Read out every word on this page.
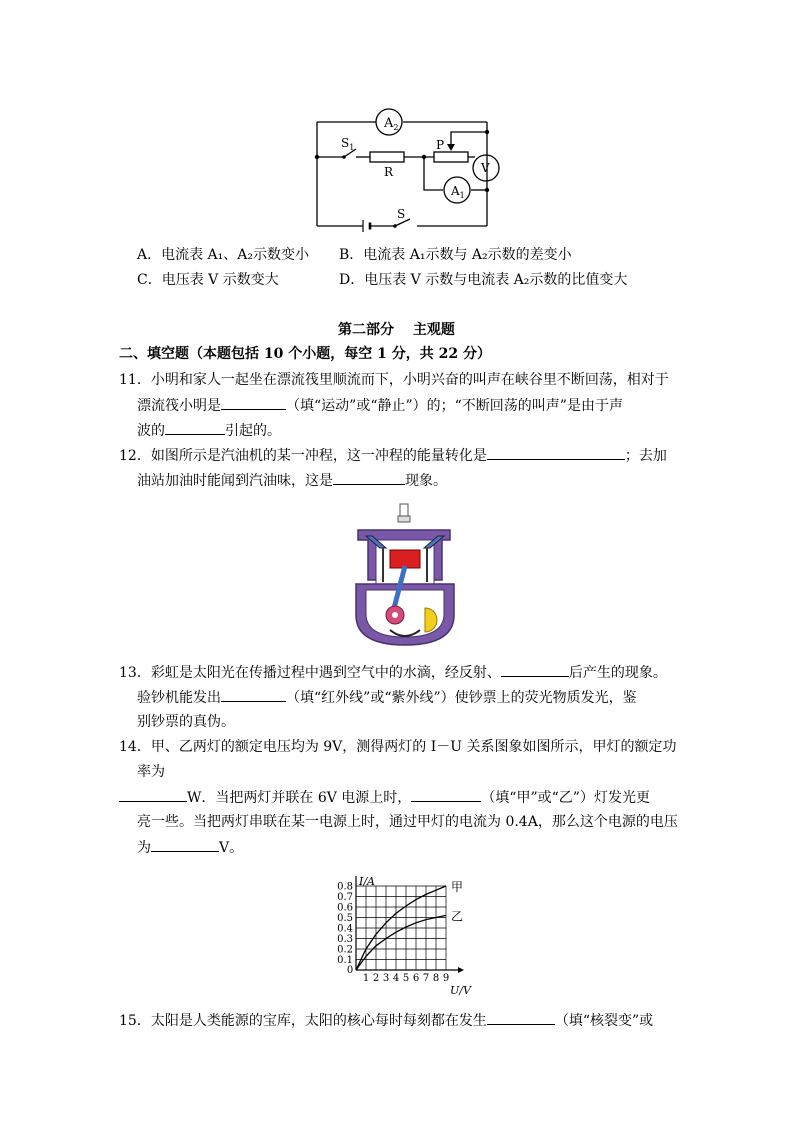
$A_2$
$S_1$	P
R	V
$A_1$
S
A．电流表 A₁、A₂示数变小 B．电流表 A₁示数与 A₂示数的差变小
C．电压表 V 示数变大	D．电压表 V 示数与电流表 A₂示数的比值变大
第二部分　 主观题
二、填空题（本题包括 10 个小题，每空 1 分，共 22 分）
11．小明和家人一起坐在漂流筏里顺流而下，小明兴奋的叫声在峡谷里不断回荡，相对于
漂流筏小明是	（填“运动”或“静止”）的；“不断回荡的叫声”是由于声
波的	引起的。
12．如图所示是汽油机的某一冲程，这一冲程的能量转化是	；去加
油站加油时能闻到汽油味，这是	现象。
13．彩虹是太阳光在传播过程中遇到空气中的水滴，经反射、	后产生的现象。
验钞机能发出	（填“红外线”或“紫外线”）使钞票上的荧光物质发光，鉴
别钞票的真伪。
14．甲、乙两灯的额定电压均为 9V，测得两灯的 I－U 关系图象如图所示，甲灯的额定功
率为
W．当把两灯并联在 6V 电源上时，	（填“甲”或“乙”）灯发光更
亮一些。当把两灯串联在某一电源上时，通过甲灯的电流为 0.4A，那么这个电源的电压
为	V。
1 2 3 4 5 6 7 8 9
0
0.1
0.2
0.3
0.4
0.5
0.6
0.7
0.8 I/A
U/V
甲
乙
15．太阳是人类能源的宝库，太阳的核心每时每刻都在发生	（填“核裂变”或
